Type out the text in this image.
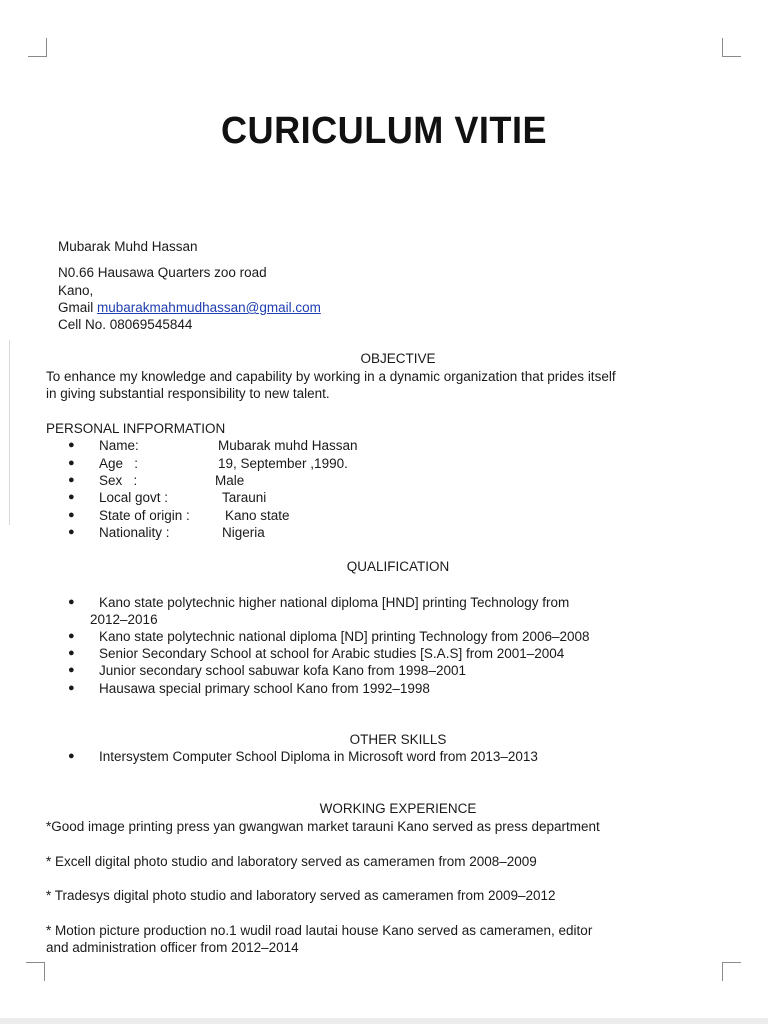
CURICULUM VITIE
Mubarak Muhd Hassan
N0.66 Hausawa Quarters zoo road
Kano,
Gmail mubarakmahmudhassan@gmail.com
Cell No. 08069545844
OBJECTIVE
To enhance my knowledge and capability by working in a dynamic organization that prides itself
in giving substantial responsibility to new talent.
PERSONAL INFPORMATION
● Name:	Mubarak muhd Hassan
● Age   :	19, September ,1990.
● Sex   :	Male
● Local govt :	Tarauni
● State of origin :	Kano state
● Nationality :	Nigeria
QUALIFICATION
● Kano state polytechnic higher national diploma [HND] printing Technology from
2012–2016
● Kano state polytechnic national diploma [ND] printing Technology from 2006–2008
● Senior Secondary School at school for Arabic studies [S.A.S] from 2001–2004
● Junior secondary school sabuwar kofa Kano from 1998–2001
● Hausawa special primary school Kano from 1992–1998
OTHER SKILLS
● Intersystem Computer School Diploma in Microsoft word from 2013–2013
WORKING EXPERIENCE
*Good image printing press yan gwangwan market tarauni Kano served as press department
* Excell digital photo studio and laboratory served as cameramen from 2008–2009
* Tradesys digital photo studio and laboratory served as cameramen from 2009–2012
* Motion picture production no.1 wudil road lautai house Kano served as cameramen, editor
and administration officer from 2012–2014
